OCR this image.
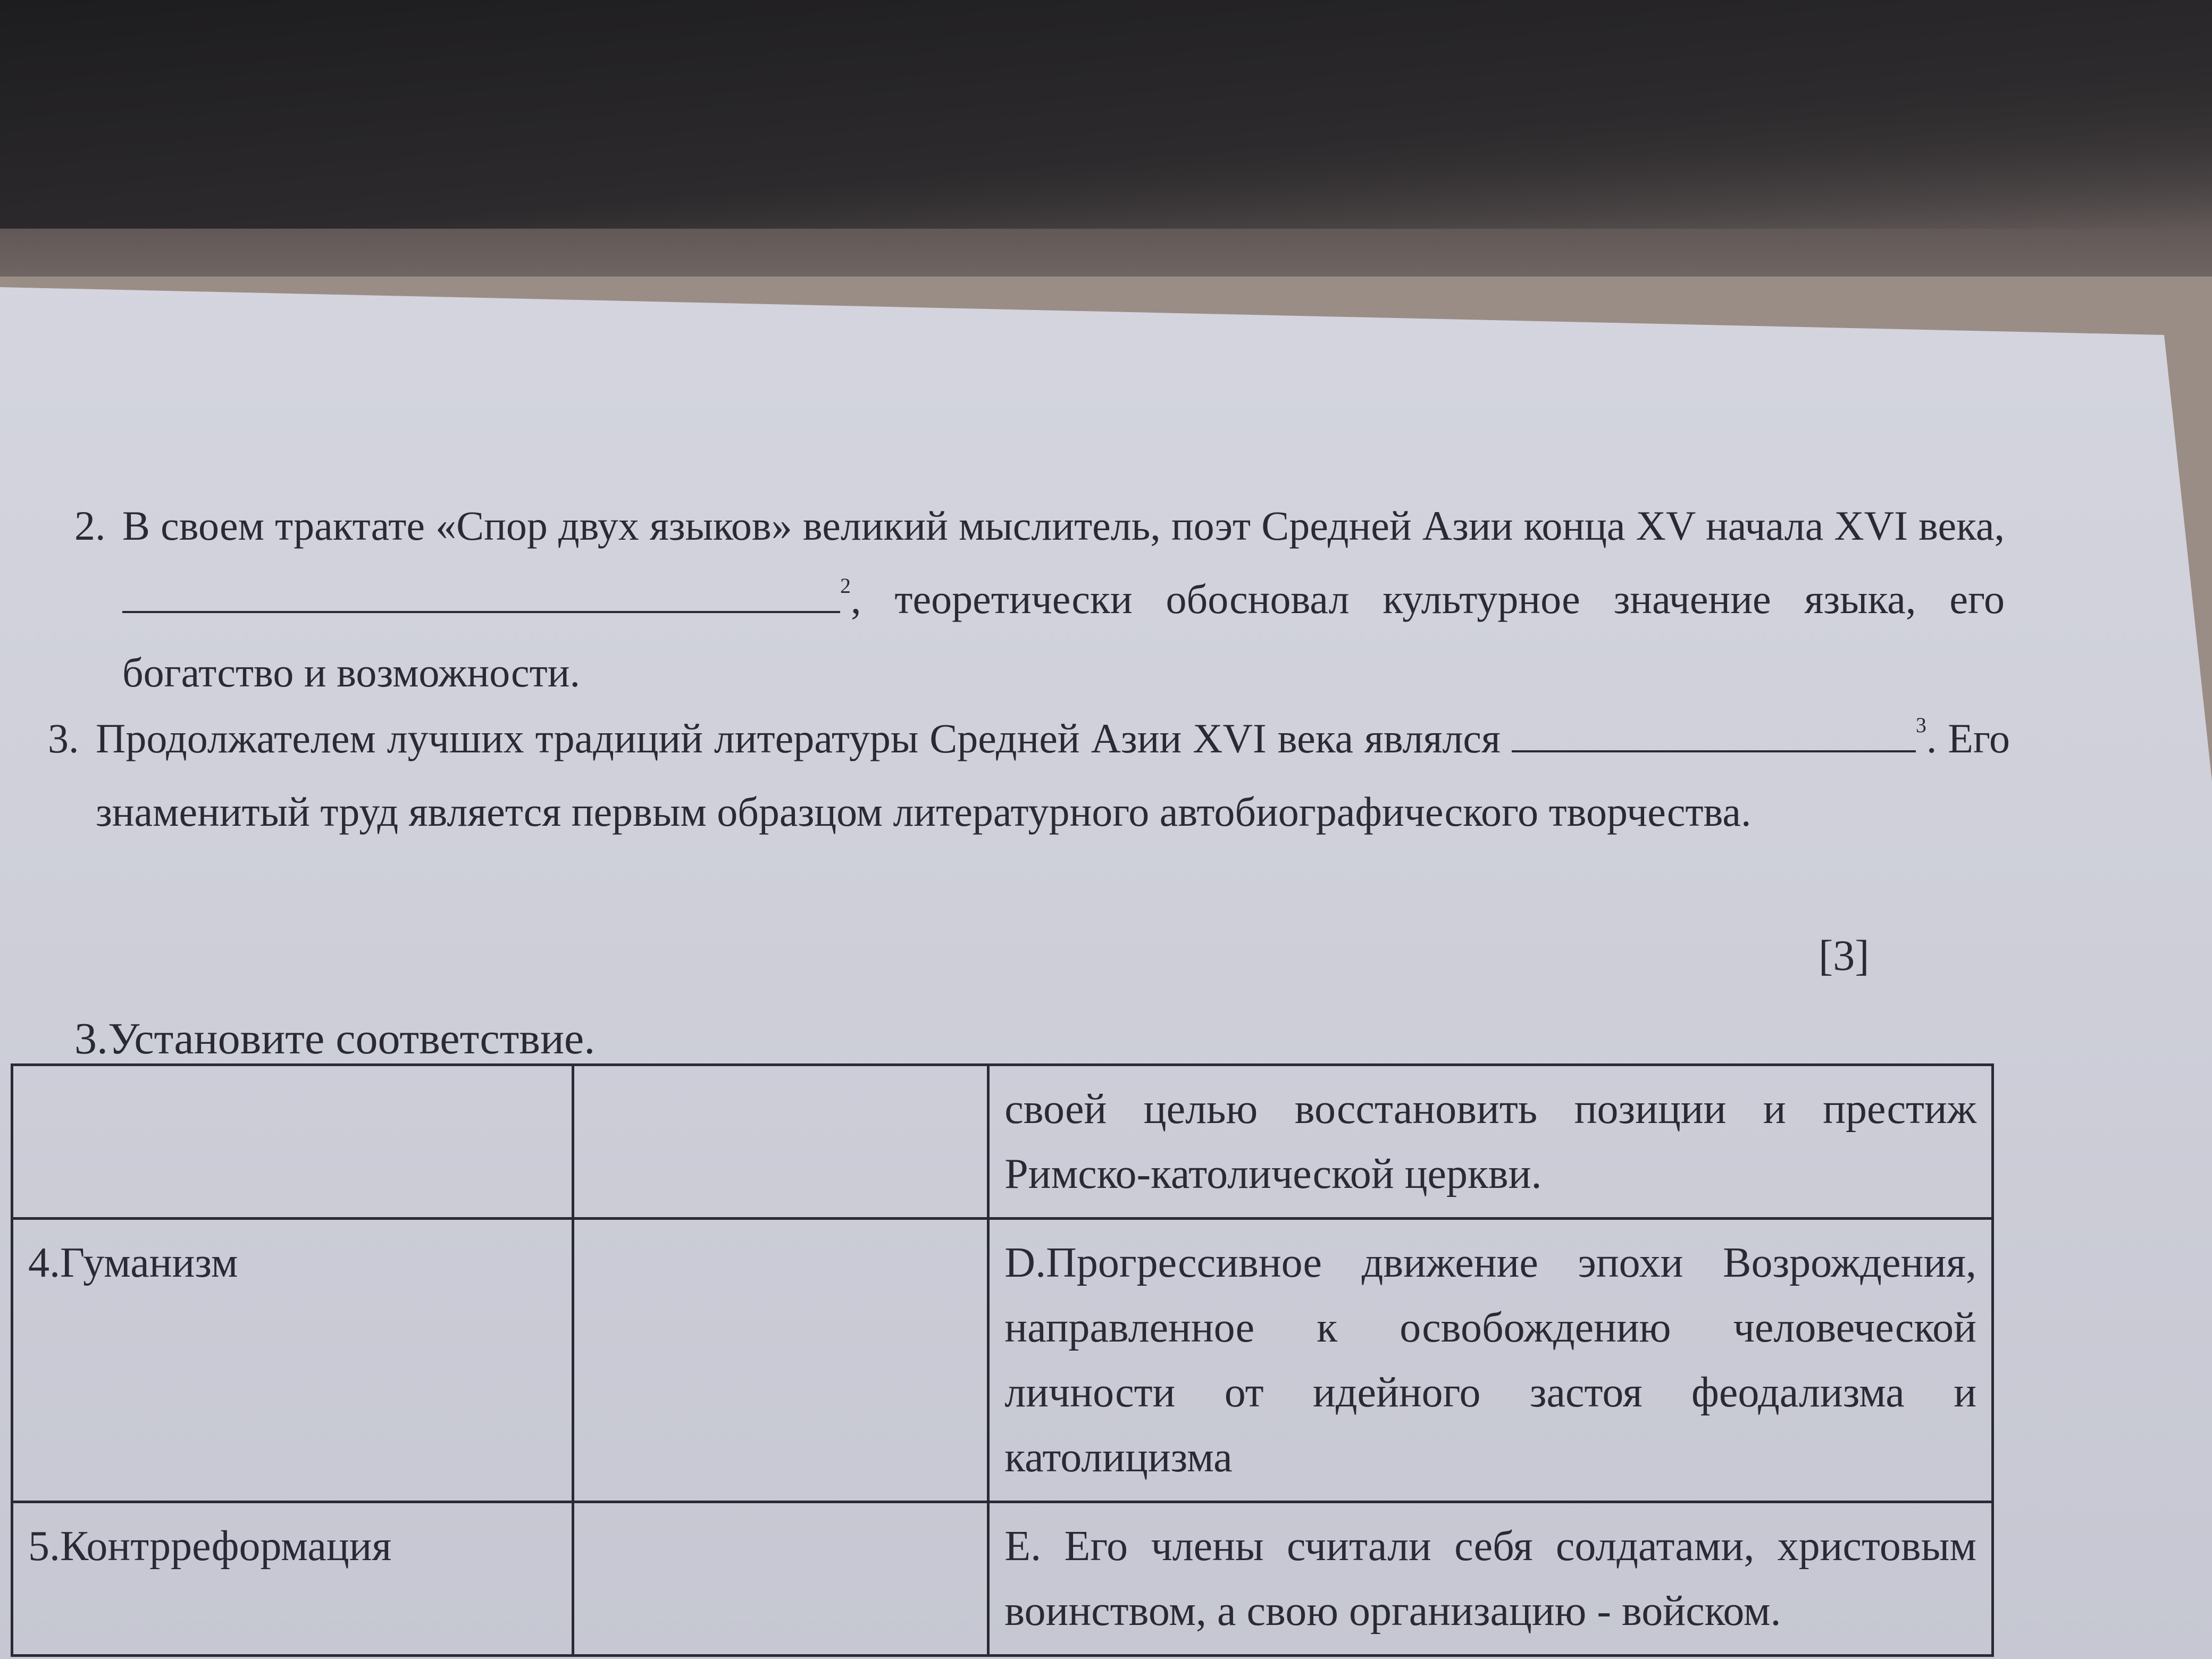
2. В своем трактате «Спор двух языков» великий мыслитель, поэт Средней Азии конца XV начала XVI века, $^2$, теоретически обосновал культурное значение языка, его богатство и возможности.
3. Продолжателем лучших традиций литературы Средней Азии XVI века являлся	$^3$. Его знаменитый труд является первым образцом литературного автобиографического творчества.
[3]
3.Установите соответствие.
		своей целью восстановить позиции и престиж Римско-католической церкви.
4.Гуманизм		D.Прогрессивное движение эпохи Возрождения, направленное к освобождению человеческой личности от идейного застоя феодализма и католицизма
5.Контрреформация		E. Его члены считали себя солдатами, христовым воинством, а свою организацию - войском.
